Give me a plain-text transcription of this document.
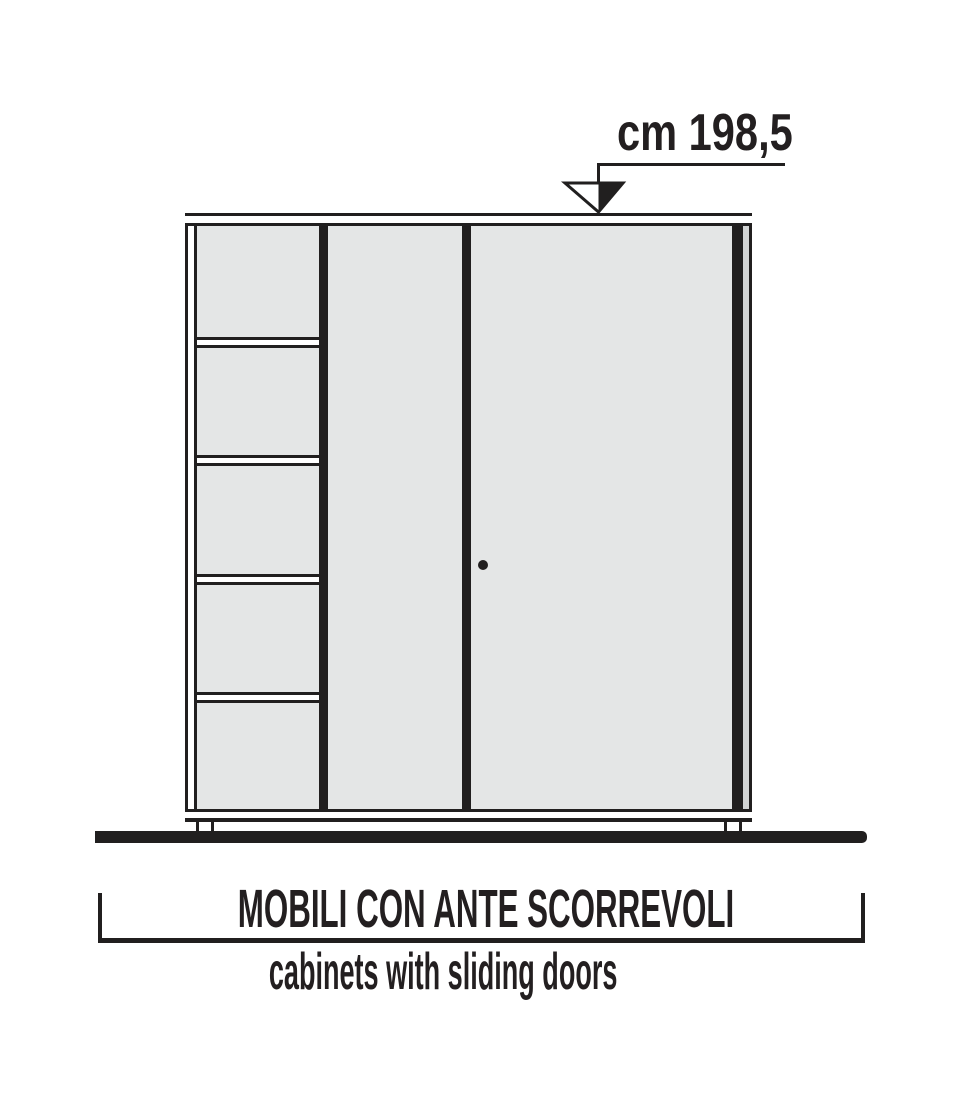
cm 198,5
MOBILI CON ANTE SCORREVOLI
cabinets with sliding doors
